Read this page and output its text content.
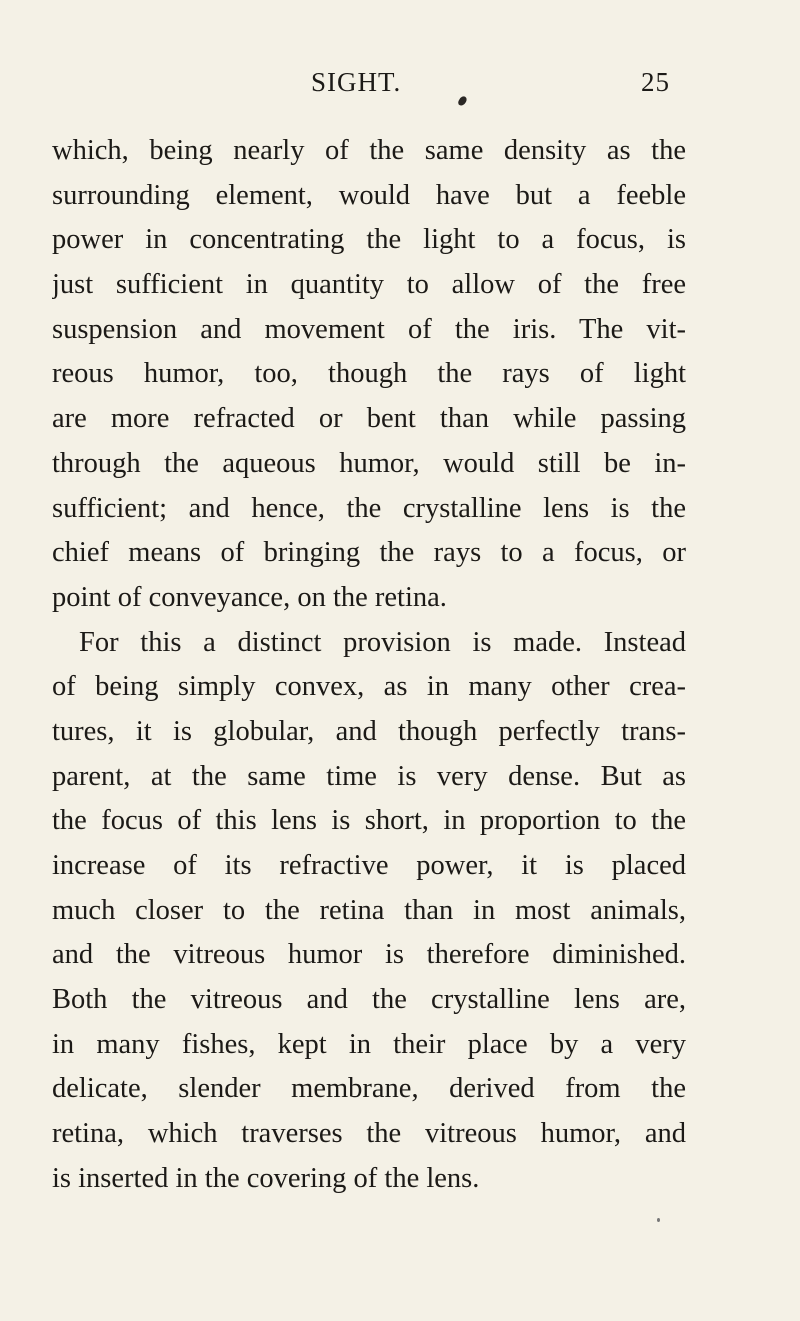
SIGHT.	25
which, being nearly of the same density as the
surrounding element, would have but a feeble
power in concentrating the light to a focus, is
just sufficient in quantity to allow of the free
suspension and movement of the iris. The vit-
reous humor, too, though the rays of light
are more refracted or bent than while passing
through the aqueous humor, would still be in-
sufficient; and hence, the crystalline lens is the
chief means of bringing the rays to a focus, or
point of conveyance, on the retina.
For this a distinct provision is made. Instead
of being simply convex, as in many other crea-
tures, it is globular, and though perfectly trans-
parent, at the same time is very dense. But as
the focus of this lens is short, in proportion to the
increase of its refractive power, it is placed
much closer to the retina than in most animals,
and the vitreous humor is therefore diminished.
Both the vitreous and the crystalline lens are,
in many fishes, kept in their place by a very
delicate, slender membrane, derived from the
retina, which traverses the vitreous humor, and
is inserted in the covering of the lens.
